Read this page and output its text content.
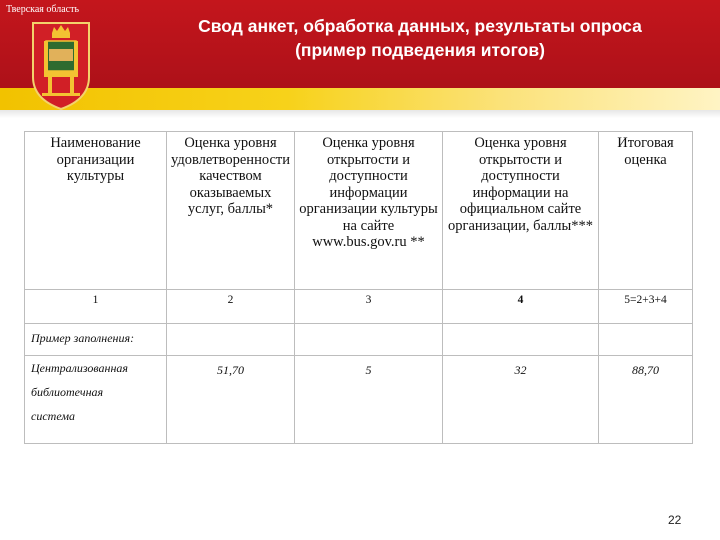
Тверская область
Свод анкет, обработка данных, результаты опроса
(пример подведения итогов)
Наименование организации культуры	Оценка уровня удовлетворенности качеством оказываемых услуг, баллы*	Оценка уровня открытости и доступности информации организации культуры на сайте www.bus.gov.ru **	Оценка уровня открытости и доступности информации на официальном сайте организации, баллы***	Итоговая оценка
1	2	3	4	5=2+3+4
Пример заполнения:				

Централизованная
библиотечная
система	51,70	5	32	88,70
22
